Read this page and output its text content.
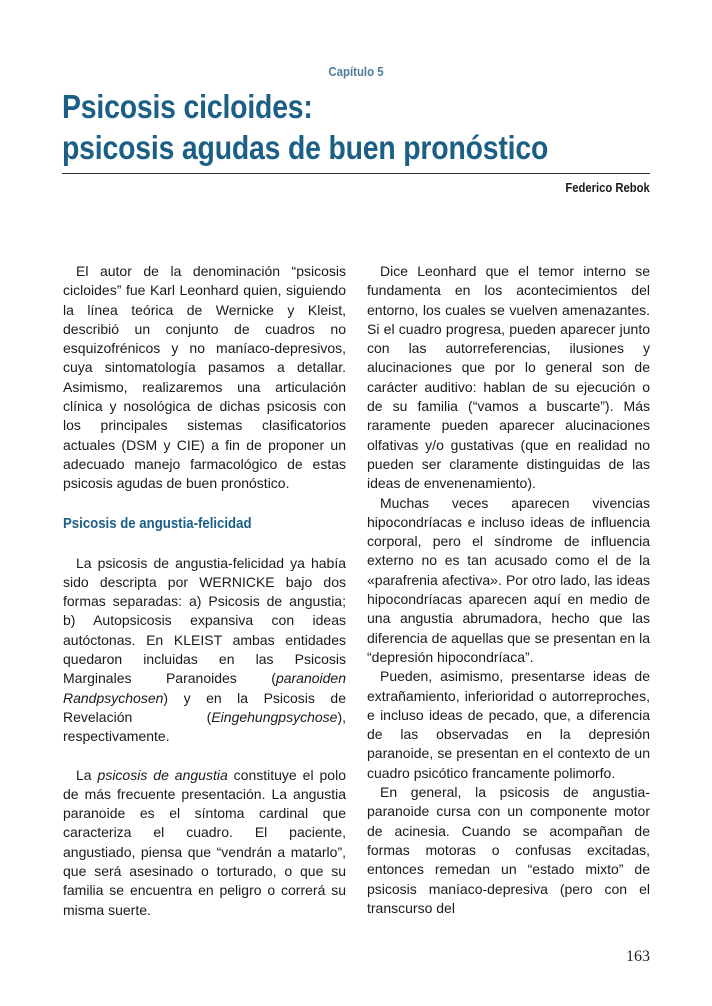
Capítulo 5
Psicosis cicloides:
psicosis agudas de buen pronóstico
Federico Rebok

El autor de la denominación “psicosis cicloides” fue Karl Leonhard quien, siguiendo la línea teórica de Wernicke y Kleist, describió un conjunto de cuadros no esquizofrénicos y no maníaco-depresivos, cuya sintomatología pasamos a detallar. Asimismo, realizaremos una articulación clínica y nosológica de dichas psicosis con los principales sistemas clasificatorios actuales (DSM y CIE) a fin de proponer un adecuado manejo farmacológico de estas psicosis agudas de buen pronóstico.

Psicosis de angustia-felicidad

La psicosis de angustia-felicidad ya había sido descripta por WERNICKE bajo dos formas separadas: a) Psicosis de angustia; b) Autopsicosis expansiva con ideas autóctonas. En KLEIST ambas entidades quedaron incluidas en las Psicosis Marginales Paranoides (paranoiden Randpsychosen) y en la Psicosis de Revelación (Eingehungpsychose), respectivamente.

La psicosis de angustia constituye el polo de más frecuente presentación. La angustia paranoide es el síntoma cardinal que caracteriza el cuadro. El paciente, angustiado, piensa que “vendrán a matarlo”, que será asesinado o torturado, o que su familia se encuentra en peligro o correrá su misma suerte.

Dice Leonhard que el temor interno se fundamenta en los acontecimientos del entorno, los cuales se vuelven amenazantes. Si el cuadro progresa, pueden aparecer junto con las autorreferencias, ilusiones y alucinaciones que por lo general son de carácter auditivo: hablan de su ejecución o de su familia (“vamos a buscarte”). Más raramente pueden aparecer alucinaciones olfativas y/o gustativas (que en realidad no pueden ser claramente distinguidas de las ideas de envenenamiento).

Muchas veces aparecen vivencias hipocondríacas e incluso ideas de influencia corporal, pero el síndrome de influencia externo no es tan acusado como el de la «parafrenia afectiva». Por otro lado, las ideas hipocondríacas aparecen aquí en medio de una angustia abrumadora, hecho que las diferencia de aquellas que se presentan en la “depresión hipocondríaca”.

Pueden, asimismo, presentarse ideas de extrañamiento, inferioridad o autorreproches, e incluso ideas de pecado, que, a diferencia de las observadas en la depresión paranoide, se presentan en el contexto de un cuadro psicótico francamente polimorfo.

En general, la psicosis de angustia-paranoide cursa con un componente motor de acinesia. Cuando se acompañan de formas motoras o confusas excitadas, entonces remedan un “estado mixto” de psicosis maníaco-depresiva (pero con el transcurso del

163
